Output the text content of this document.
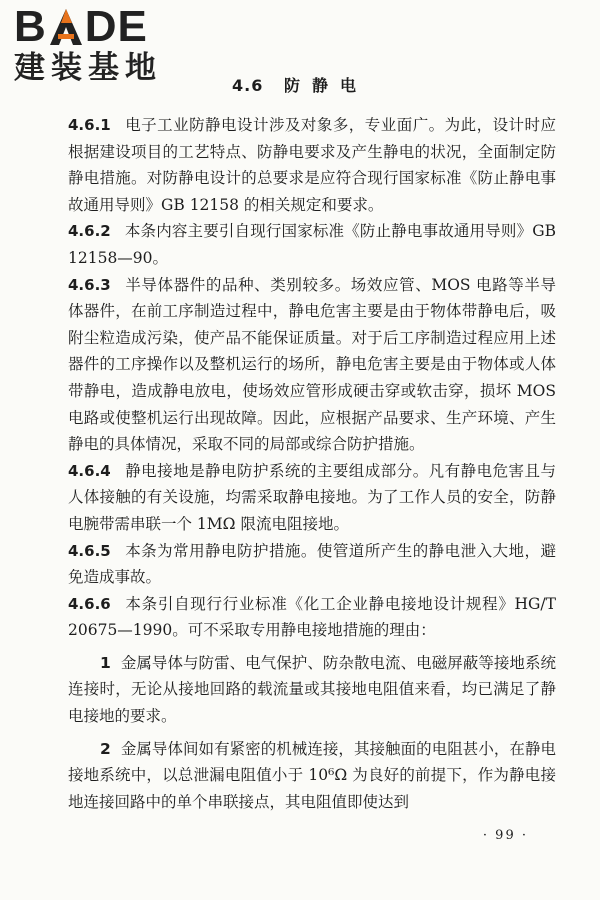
B DE
建装基地	4.6 防静电

4.6.1 电子工业防静电设计涉及对象多，专业面广。为此，设计时应根据建设项目的工艺特点、防静电要求及产生静电的状况，全面制定防静电措施。对防静电设计的总要求是应符合现行国家标准《防止静电事故通用导则》GB 12158 的相关规定和要求。

4.6.2 本条内容主要引自现行国家标准《防止静电事故通用导则》GB 12158—90。

4.6.3 半导体器件的品种、类别较多。场效应管、MOS 电路等半导体器件，在前工序制造过程中，静电危害主要是由于物体带静电后，吸附尘粒造成污染，使产品不能保证质量。对于后工序制造过程应用上述器件的工序操作以及整机运行的场所，静电危害主要是由于物体或人体带静电，造成静电放电，使场效应管形成硬击穿或软击穿，损坏 MOS 电路或使整机运行出现故障。因此，应根据产品要求、生产环境、产生静电的具体情况，采取不同的局部或综合防护措施。

4.6.4 静电接地是静电防护系统的主要组成部分。凡有静电危害且与人体接触的有关设施，均需采取静电接地。为了工作人员的安全，防静电腕带需串联一个 1MΩ 限流电阻接地。

4.6.5 本条为常用静电防护措施。使管道所产生的静电泄入大地，避免造成事故。

4.6.6 本条引自现行行业标准《化工企业静电接地设计规程》HG/T 20675—1990。可不采取专用静电接地措施的理由：

1 金属导体与防雷、电气保护、防杂散电流、电磁屏蔽等接地系统连接时，无论从接地回路的载流量或其接地电阻值来看，均已满足了静电接地的要求。

2 金属导体间如有紧密的机械连接，其接触面的电阻甚小，在静电接地系统中，以总泄漏电阻值小于 10⁶Ω 为良好的前提下，作为静电接地连接回路中的单个串联接点，其电阻值即使达到

· 99 ·
